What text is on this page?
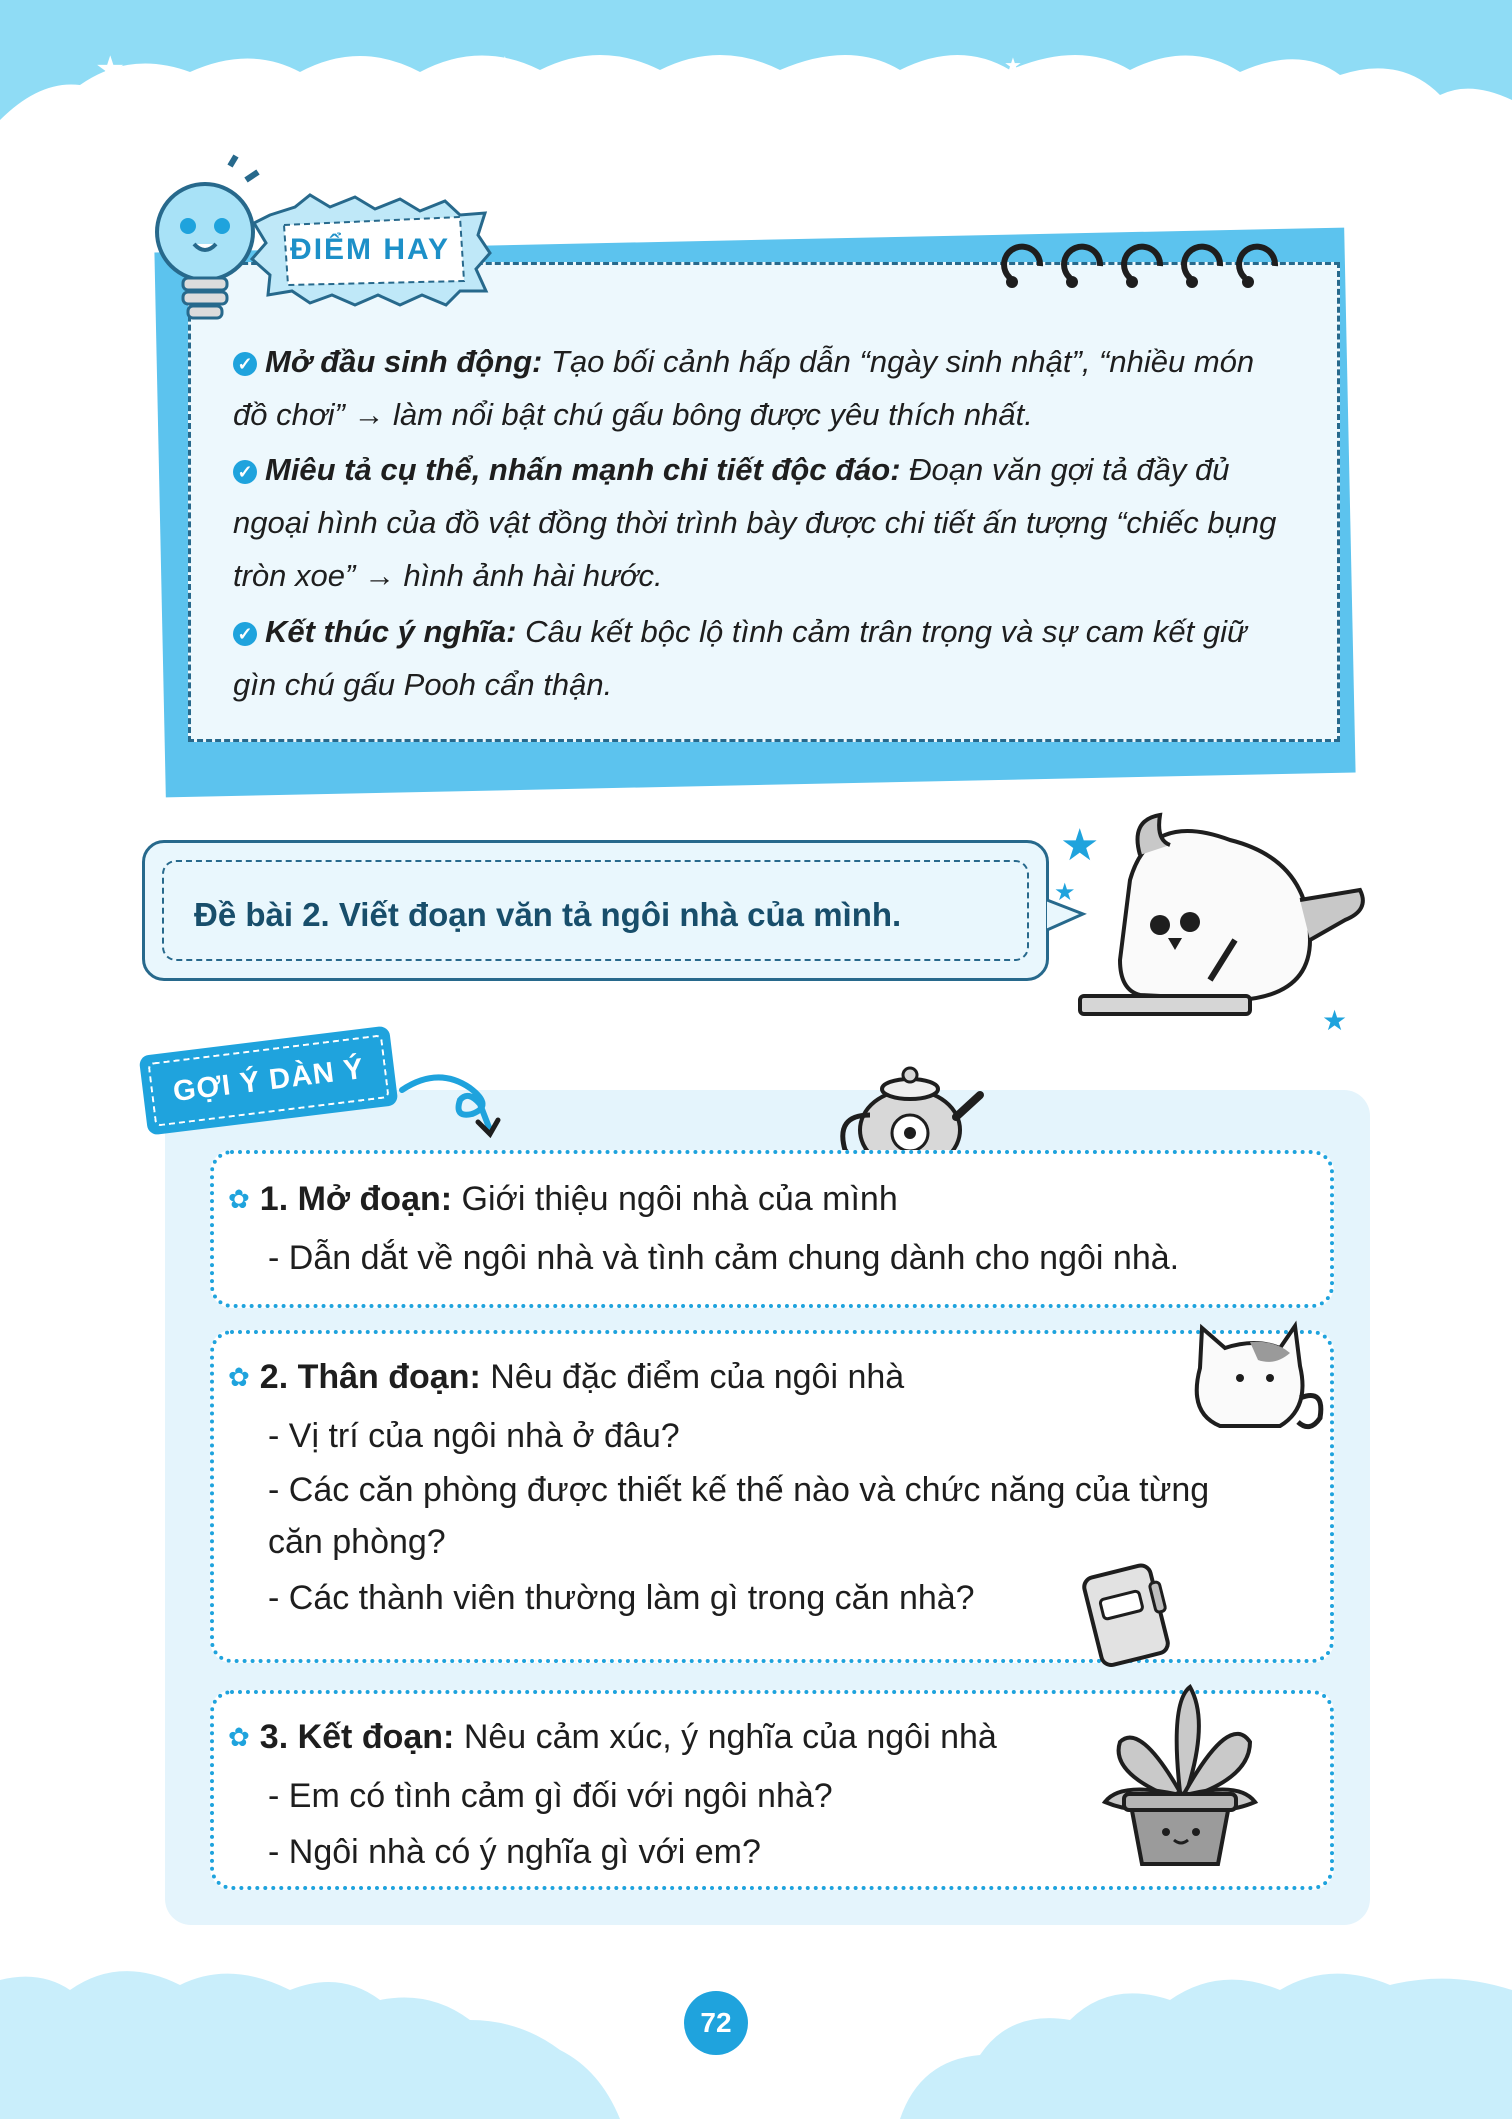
★
★
★	✦	★	★
✓ Mở đầu sinh động: Tạo bối cảnh hấp dẫn “ngày sinh nhật”, “nhiều món đồ chơi” → làm nổi bật chú gấu bông được yêu thích nhất.
✓ Miêu tả cụ thể, nhấn mạnh chi tiết độc đáo: Đoạn văn gợi tả đầy đủ ngoại hình của đồ vật đồng thời trình bày được chi tiết ấn tượng “chiếc bụng tròn xoe” → hình ảnh hài hước.
✓ Kết thúc ý nghĩa: Câu kết bộc lộ tình cảm trân trọng và sự cam kết giữ gìn chú gấu Pooh cẩn thận.
ĐIỂM HAY
Đề bài 2. Viết đoạn văn tả ngôi nhà của mình.
★
★
★
GỢI Ý DÀN Ý
✿ 1. Mở đoạn: Giới thiệu ngôi nhà của mình
- Dẫn dắt về ngôi nhà và tình cảm chung dành cho ngôi nhà.
✿ 2. Thân đoạn: Nêu đặc điểm của ngôi nhà
- Vị trí của ngôi nhà ở đâu?
- Các căn phòng được thiết kế thế nào và chức năng của từng
căn phòng?
- Các thành viên thường làm gì trong căn nhà?
✿ 3. Kết đoạn: Nêu cảm xúc, ý nghĩa của ngôi nhà
- Em có tình cảm gì đối với ngôi nhà?
- Ngôi nhà có ý nghĩa gì với em?
72
